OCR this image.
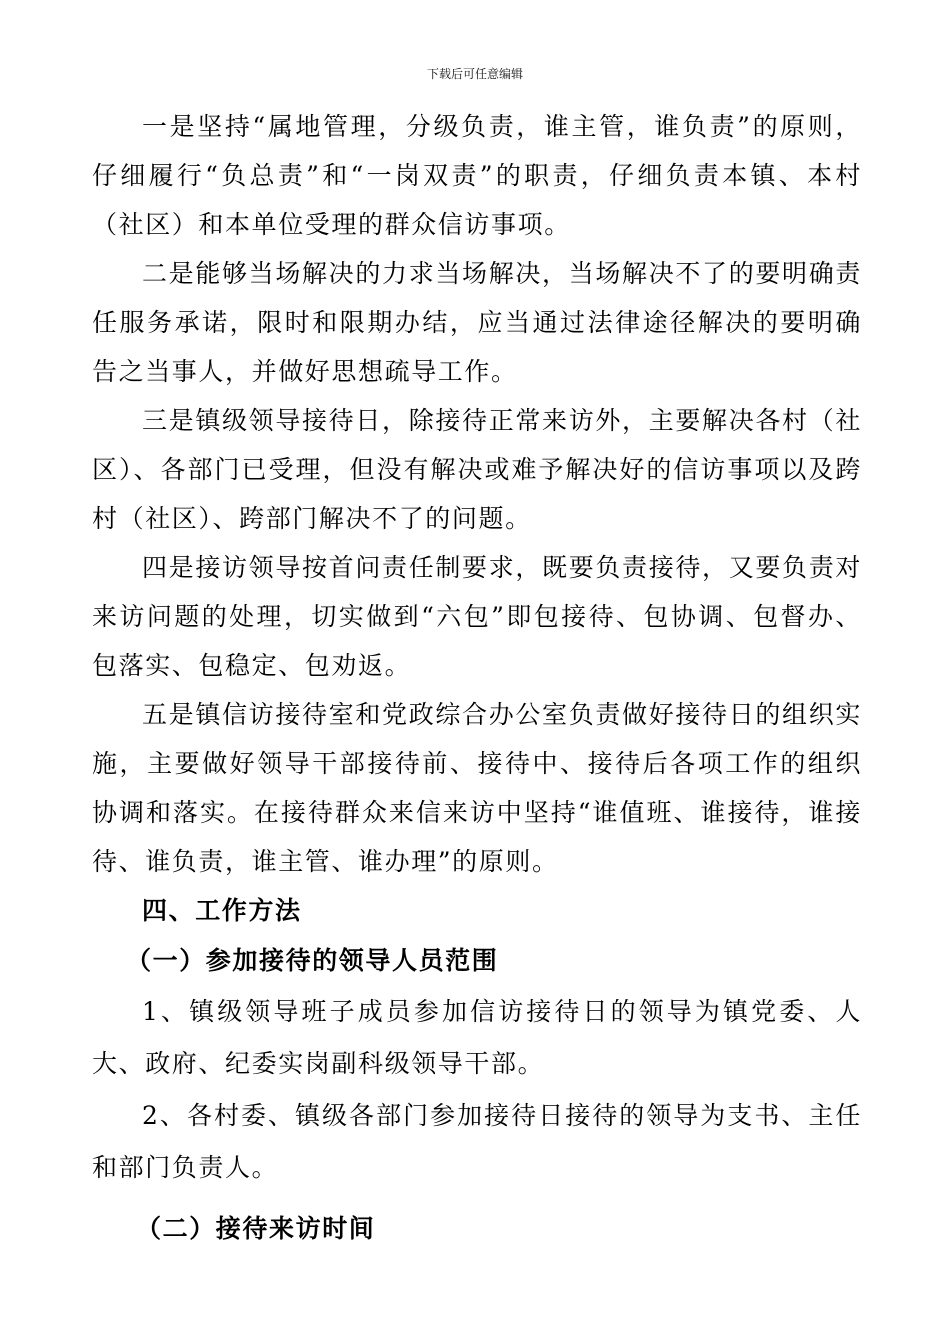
下载后可任意编辑

一是坚持“属地管理，分级负责，谁主管，谁负责”的原则，仔细履行“负总责”和“一岗双责”的职责，仔细负责本镇、本村（社区）和本单位受理的群众信访事项。

二是能够当场解决的力求当场解决，当场解决不了的要明确责任服务承诺，限时和限期办结，应当通过法律途径解决的要明确告之当事人，并做好思想疏导工作。

三是镇级领导接待日，除接待正常来访外，主要解决各村（社区）、各部门已受理，但没有解决或难予解决好的信访事项以及跨村（社区）、跨部门解决不了的问题。

四是接访领导按首问责任制要求，既要负责接待，又要负责对来访问题的处理，切实做到“六包”即包接待、包协调、包督办、包落实、包稳定、包劝返。

五是镇信访接待室和党政综合办公室负责做好接待日的组织实施，主要做好领导干部接待前、接待中、接待后各项工作的组织协调和落实。在接待群众来信来访中坚持“谁值班、谁接待，谁接待、谁负责，谁主管、谁办理”的原则。

四、工作方法

（一）参加接待的领导人员范围

1、镇级领导班子成员参加信访接待日的领导为镇党委、人大、政府、纪委实岗副科级领导干部。

2、各村委、镇级各部门参加接待日接待的领导为支书、主任和部门负责人。

（二）接待来访时间
